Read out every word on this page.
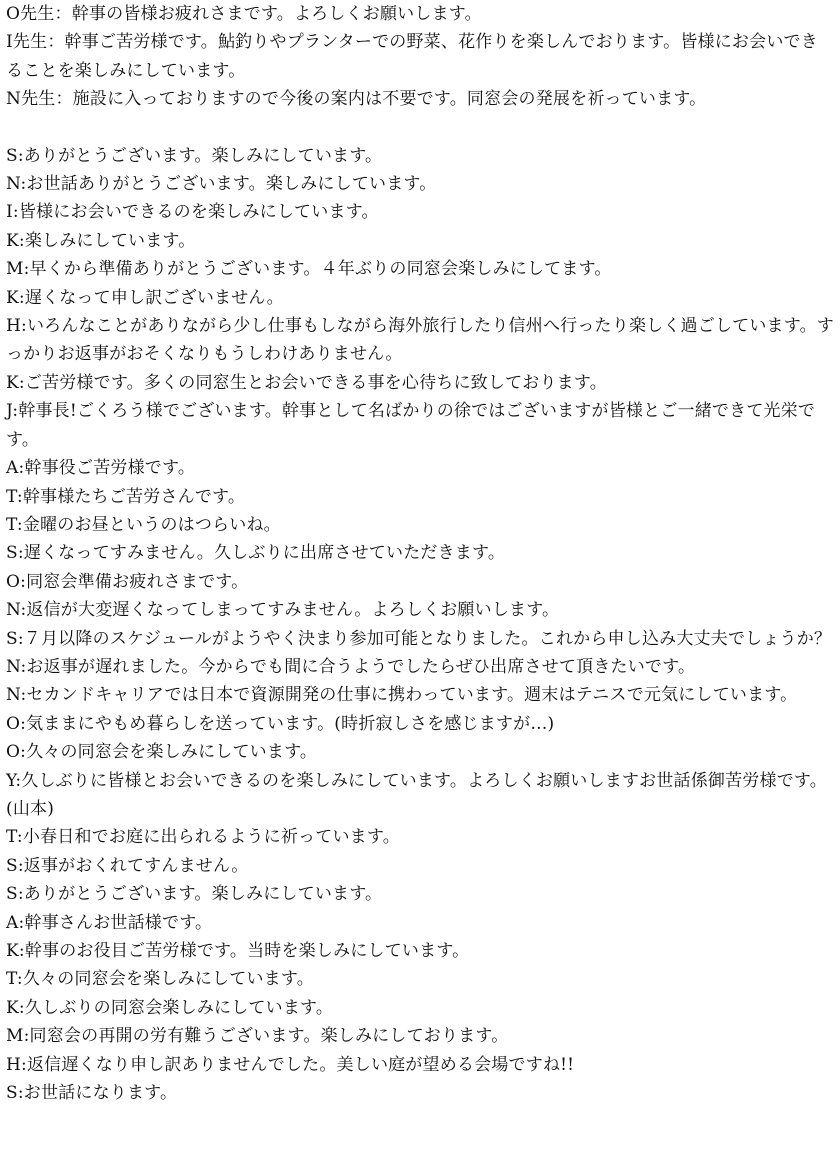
O先生：幹事の皆様お疲れさまです。よろしくお願いします。

I先生：幹事ご苦労様です。鮎釣りやプランターでの野菜、花作りを楽しんでおります。皆様にお会いできることを楽しみにしています。

N先生：施設に入っておりますので今後の案内は不要です。同窓会の発展を祈っています。

S:ありがとうございます。楽しみにしています。

N:お世話ありがとうございます。楽しみにしています。

I:皆様にお会いできるのを楽しみにしています。

K:楽しみにしています。

M:早くから準備ありがとうございます。４年ぶりの同窓会楽しみにしてます。

K:遅くなって申し訳ございません。

H:いろんなことがありながら少し仕事もしながら海外旅行したり信州へ行ったり楽しく過ごしています。すっかりお返事がおそくなりもうしわけありません。

K:ご苦労様です。多くの同窓生とお会いできる事を心待ちに致しております。

J:幹事長!ごくろう様でございます。幹事として名ばかりの徐ではございますが皆様とご一緒できて光栄です。

A:幹事役ご苦労様です。

T:幹事様たちご苦労さんです。

T:金曜のお昼というのはつらいね。

S:遅くなってすみません。久しぶりに出席させていただきます。

O:同窓会準備お疲れさまです。

N:返信が大変遅くなってしまってすみません。よろしくお願いします。

S:７月以降のスケジュールがようやく決まり参加可能となりました。これから申し込み大丈夫でしょうか？

N:お返事が遅れました。今からでも間に合うようでしたらぜひ出席させて頂きたいです。

N:セカンドキャリアでは日本で資源開発の仕事に携わっています。週末はテニスで元気にしています。

O:気ままにやもめ暮らしを送っています。(時折寂しさを感じますが…)

O:久々の同窓会を楽しみにしています。

Y:久しぶりに皆様とお会いできるのを楽しみにしています。よろしくお願いしますお世話係御苦労様です。(山本)

T:小春日和でお庭に出られるように祈っています。

S:返事がおくれてすんません。

S:ありがとうございます。楽しみにしています。

A:幹事さんお世話様です。

K:幹事のお役目ご苦労様です。当時を楽しみにしています。

T:久々の同窓会を楽しみにしています。

K:久しぶりの同窓会楽しみにしています。

M:同窓会の再開の労有難うございます。楽しみにしております。

H:返信遅くなり申し訳ありませんでした。美しい庭が望める会場ですね!!

S:お世話になります。
